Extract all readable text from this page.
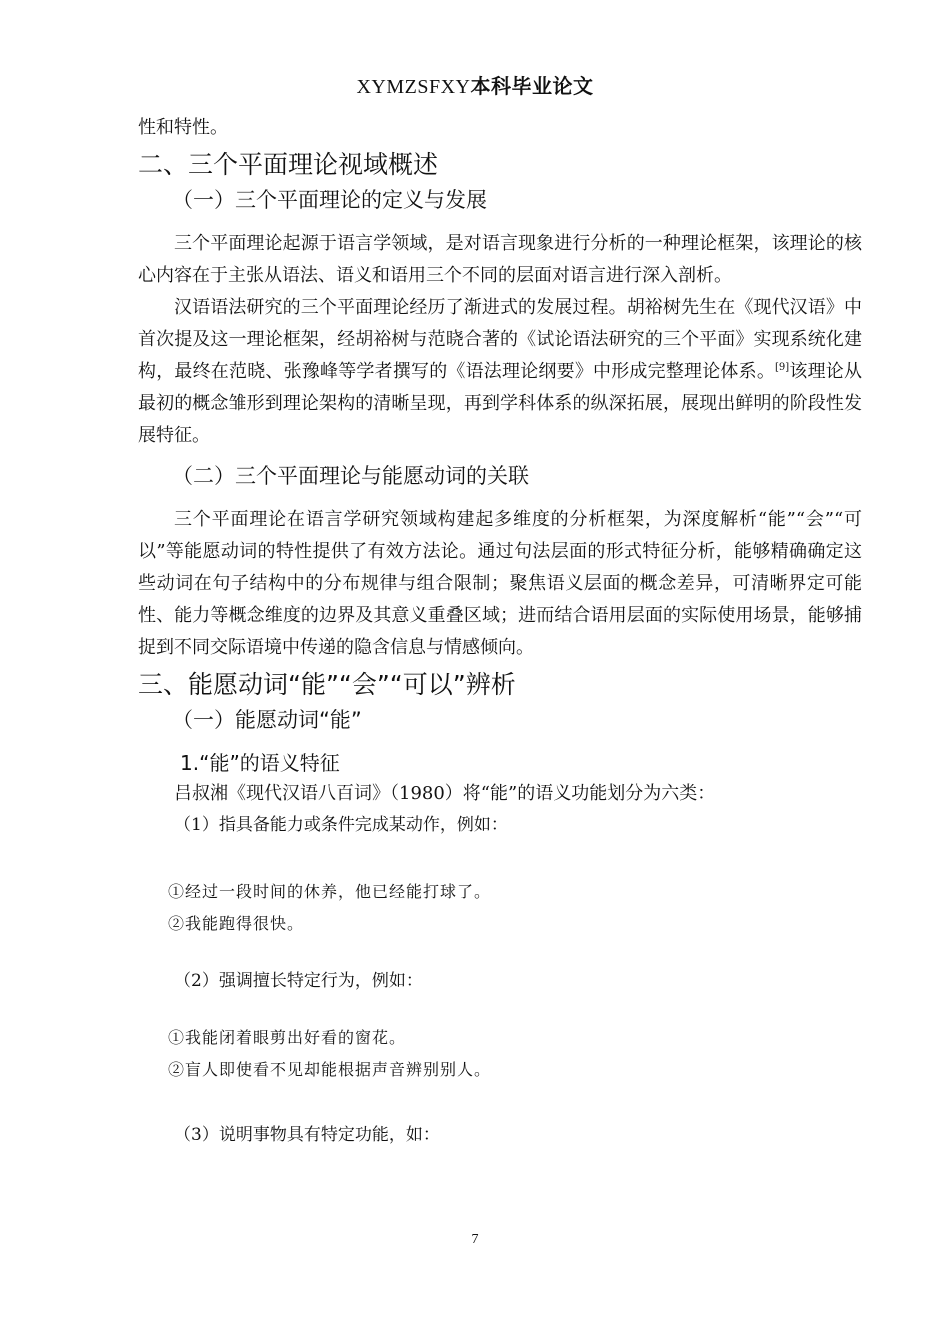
XYMZSFXY本科毕业论文

性和特性。

二、三个平面理论视域概述
（一）三个平面理论的定义与发展

三个平面理论起源于语言学领域，是对语言现象进行分析的一种理论框架，该理论的核心内容在于主张从语法、语义和语用三个不同的层面对语言进行深入剖析。

汉语语法研究的三个平面理论经历了渐进式的发展过程。胡裕树先生在《现代汉语》中首次提及这一理论框架，经胡裕树与范晓合著的《试论语法研究的三个平面》实现系统化建构，最终在范晓、张豫峰等学者撰写的《语法理论纲要》中形成完整理论体系。[9]该理论从最初的概念雏形到理论架构的清晰呈现，再到学科体系的纵深拓展，展现出鲜明的阶段性发展特征。

（二）三个平面理论与能愿动词的关联

三个平面理论在语言学研究领域构建起多维度的分析框架，为深度解析“能”“会”“可以”等能愿动词的特性提供了有效方法论。通过句法层面的形式特征分析，能够精确确定这些动词在句子结构中的分布规律与组合限制；聚焦语义层面的概念差异，可清晰界定可能性、能力等概念维度的边界及其意义重叠区域；进而结合语用层面的实际使用场景，能够捕捉到不同交际语境中传递的隐含信息与情感倾向。

三、能愿动词“能”“会”“可以”辨析
（一）能愿动词“能”
1.“能”的语义特征

吕叔湘《现代汉语八百词》（1980）将“能”的语义功能划分为六类：

（1）指具备能力或条件完成某动作，例如：

①经过一段时间的休养，他已经能打球了。

②我能跑得很快。

（2）强调擅长特定行为，例如：

①我能闭着眼剪出好看的窗花。

②盲人即使看不见却能根据声音辨别别人。

（3）说明事物具有特定功能，如：

7
